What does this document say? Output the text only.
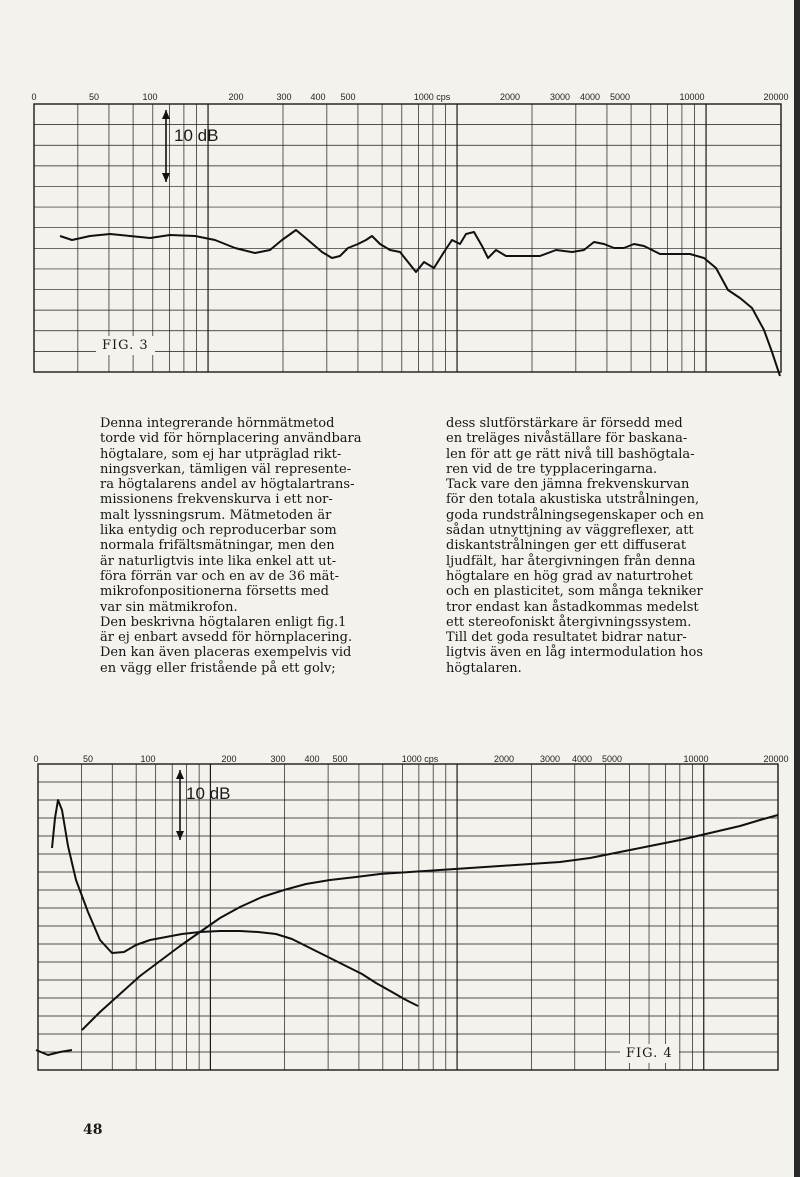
0	50	100	200	300 400 500	1000 cps	2000	3000 4000 5000	10000	20000
10 dB
FIG. 3
Denna integrerande hörnmätmetod
torde vid för hörnplacering användbara
högtalare, som ej har utpräglad rikt-
ningsverkan, tämligen väl represente-
ra högtalarens andel av högtalartrans-
missionens frekvenskurva i ett nor-
malt lyssningsrum. Mätmetoden är
lika entydig och reproducerbar som
normala frifältsmätningar, men den
är naturligtvis inte lika enkel att ut-
föra förrän var och en av de 36 mät-
mikrofonpositionerna försetts med
var sin mätmikrofon.
Den beskrivna högtalaren enligt fig.1
är ej enbart avsedd för hörnplacering.
Den kan även placeras exempelvis vid
en vägg eller fristående på ett golv;
dess slutförstärkare är försedd med
en treläges nivåställare för baskana-
len för att ge rätt nivå till bashögtala-
ren vid de tre typplaceringarna.
Tack vare den jämna frekvenskurvan
för den totala akustiska utstrålningen,
goda rundstrålningsegenskaper och en
sådan utnyttjning av väggreflexer, att
diskantstrålningen ger ett diffuserat
ljudfält, har återgivningen från denna
högtalare en hög grad av naturtrohet
och en plasticitet, som många tekniker
tror endast kan åstadkommas medelst
ett stereofoniskt återgivningssystem.
Till det goda resultatet bidrar natur-
ligtvis även en låg intermodulation hos
högtalaren.
0	50	100	200	300 400 500	1000 cps	2000	3000 4000 5000	10000	20000
10 dB
FIG. 4
48
